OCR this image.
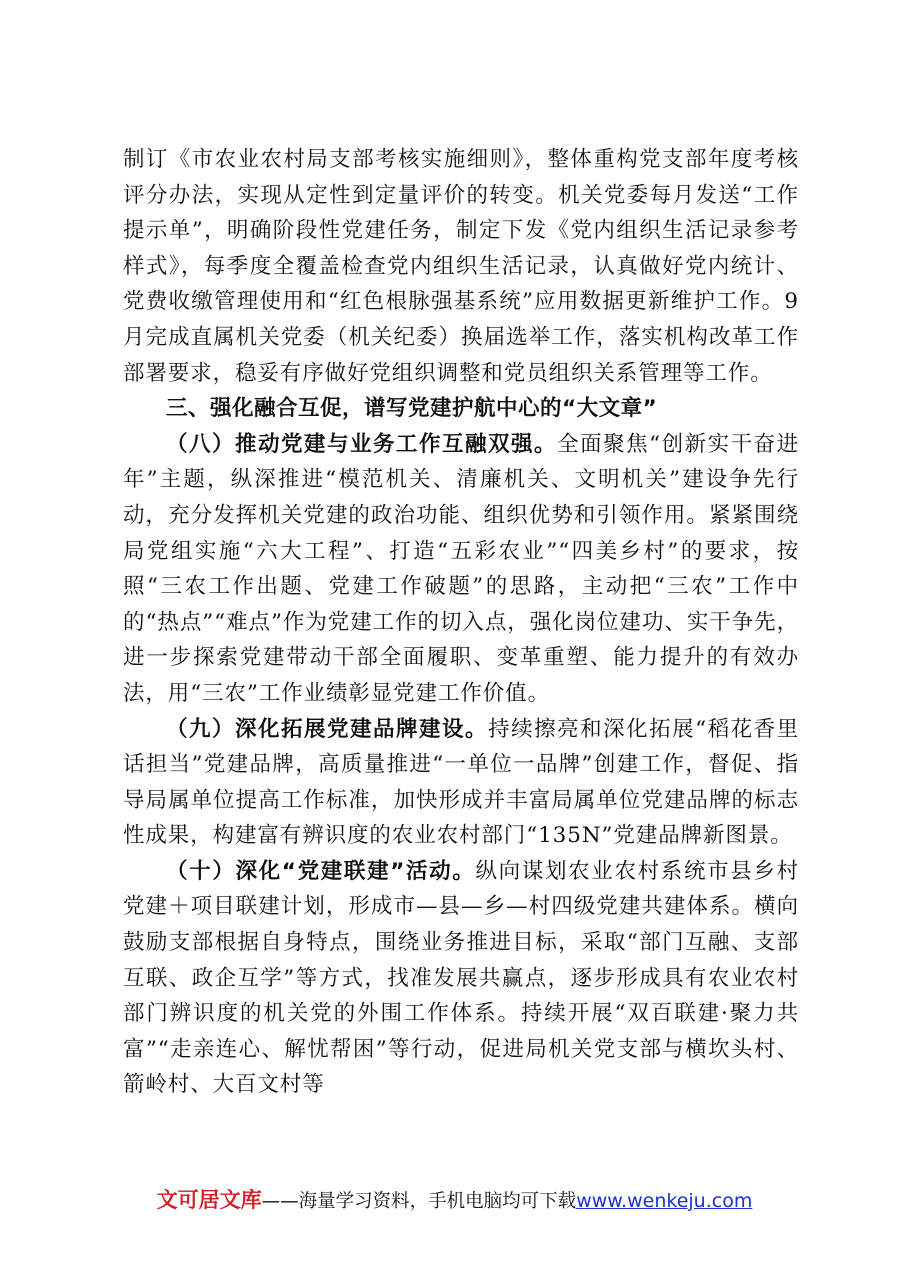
制订《市农业农村局支部考核实施细则》，整体重构党支部年度考核评分办法，实现从定性到定量评价的转变。机关党委每月发送“工作提示单”，明确阶段性党建任务，制定下发《党内组织生活记录参考样式》，每季度全覆盖检查党内组织生活记录，认真做好党内统计、党费收缴管理使用和“红色根脉强基系统”应用数据更新维护工作。9月完成直属机关党委（机关纪委）换届选举工作，落实机构改革工作部署要求，稳妥有序做好党组织调整和党员组织关系管理等工作。

三、强化融合互促，谱写党建护航中心的“大文章”

（八）推动党建与业务工作互融双强。全面聚焦“创新实干奋进年”主题，纵深推进“模范机关、清廉机关、文明机关”建设争先行动，充分发挥机关党建的政治功能、组织优势和引领作用。紧紧围绕局党组实施“六大工程”、打造“五彩农业”“四美乡村”的要求，按照“三农工作出题、党建工作破题”的思路，主动把“三农”工作中的“热点”“难点”作为党建工作的切入点，强化岗位建功、实干争先，进一步探索党建带动干部全面履职、变革重塑、能力提升的有效办法，用“三农”工作业绩彰显党建工作价值。

（九）深化拓展党建品牌建设。持续擦亮和深化拓展“稻花香里话担当”党建品牌，高质量推进“一单位一品牌”创建工作，督促、指导局属单位提高工作标准，加快形成并丰富局属单位党建品牌的标志性成果，构建富有辨识度的农业农村部门“135N”党建品牌新图景。

（十）深化“党建联建”活动。纵向谋划农业农村系统市县乡村党建＋项目联建计划，形成市—县—乡—村四级党建共建体系。横向鼓励支部根据自身特点，围绕业务推进目标，采取“部门互融、支部互联、政企互学”等方式，找准发展共赢点，逐步形成具有农业农村部门辨识度的机关党的外围工作体系。持续开展“双百联建·聚力共富”“走亲连心、解忧帮困”等行动，促进局机关党支部与横坎头村、箭岭村、大百文村等

文可居文库——海量学习资料，手机电脑均可下载www.wenkeju.com
